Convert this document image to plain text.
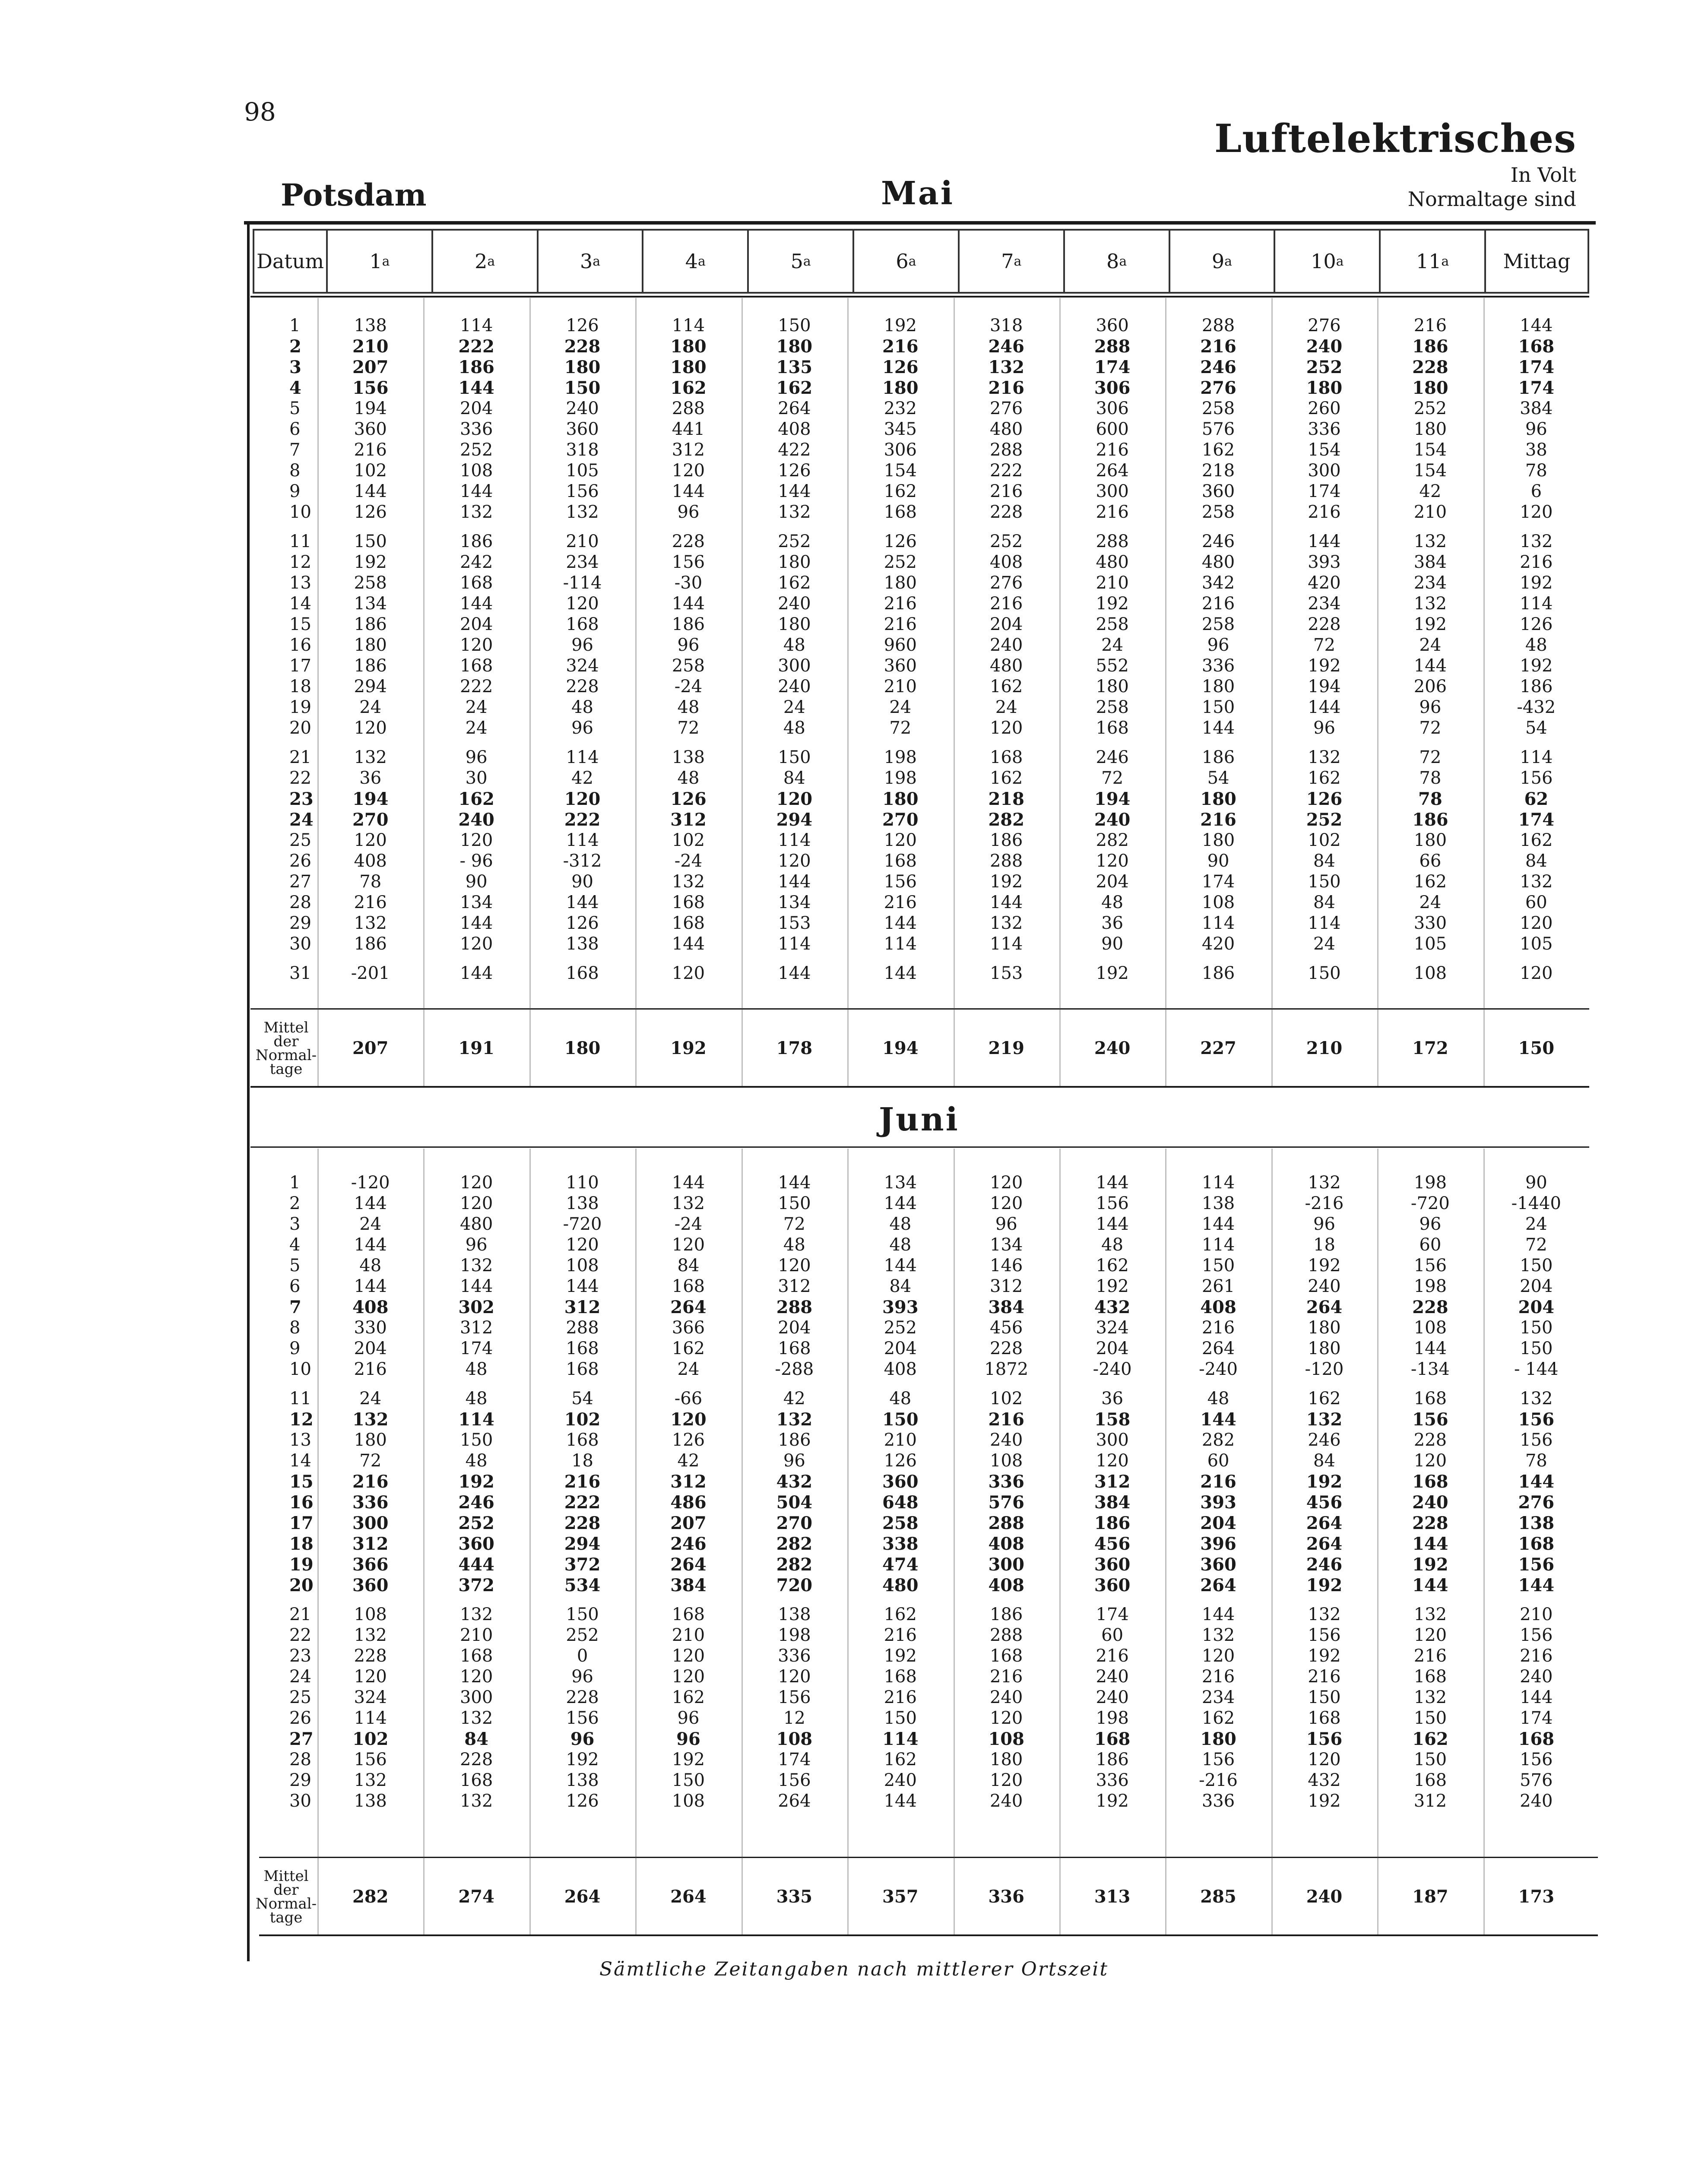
98
Luftelektrisches
In Volt
Normaltage sind
Potsdam	Mai
Datum 1 a	2 a	3 a	4 a	5 a	6 a	7 a	8 a	9 a	10 a	11 a	Mittag
1	138	114	126	114	150	192	318	360	288	276	216	144
2	210	222	228	180	180	216	246	288	216	240	186	168
3	207	186	180	180	135	126	132	174	246	252	228	174
4	156	144	150	162	162	180	216	306	276	180	180	174
5	194	204	240	288	264	232	276	306	258	260	252	384
6	360	336	360	441	408	345	480	600	576	336	180	96
7	216	252	318	312	422	306	288	216	162	154	154	38
8	102	108	105	120	126	154	222	264	218	300	154	78
9	144	144	156	144	144	162	216	300	360	174	42	6
10	126	132	132	96	132	168	228	216	258	216	210	120
11	150	186	210	228	252	126	252	288	246	144	132	132
12	192	242	234	156	180	252	408	480	480	393	384	216
13	258	168	-114	-30	162	180	276	210	342	420	234	192
14	134	144	120	144	240	216	216	192	216	234	132	114
15	186	204	168	186	180	216	204	258	258	228	192	126
16	180	120	96	96	48	960	240	24	96	72	24	48
17	186	168	324	258	300	360	480	552	336	192	144	192
18	294	222	228	-24	240	210	162	180	180	194	206	186
19	24	24	48	48	24	24	24	258	150	144	96	-432
20	120	24	96	72	48	72	120	168	144	96	72	54
21	132	96	114	138	150	198	168	246	186	132	72	114
22	36	30	42	48	84	198	162	72	54	162	78	156
23	194	162	120	126	120	180	218	194	180	126	78	62
24	270	240	222	312	294	270	282	240	216	252	186	174
25	120	120	114	102	114	120	186	282	180	102	180	162
26	408	- 96	-312	-24	120	168	288	120	90	84	66	84
27	78	90	90	132	144	156	192	204	174	150	162	132
28	216	134	144	168	134	216	144	48	108	84	24	60
29	132	144	126	168	153	144	132	36	114	114	330	120
30	186	120	138	144	114	114	114	90	420	24	105	105
31	-201	144	168	120	144	144	153	192	186	150	108	120
Mittel
der
Normal-
tage
207	191	180	192	178	194	219	240	227	210	172	150
Juni
1	-120	120	110	144	144	134	120	144	114	132	198	90
2	144	120	138	132	150	144	120	156	138	-216	-720	-1440
3	24	480	-720	-24	72	48	96	144	144	96	96	24
4	144	96	120	120	48	48	134	48	114	18	60	72
5	48	132	108	84	120	144	146	162	150	192	156	150
6	144	144	144	168	312	84	312	192	261	240	198	204
7	408	302	312	264	288	393	384	432	408	264	228	204
8	330	312	288	366	204	252	456	324	216	180	108	150
9	204	174	168	162	168	204	228	204	264	180	144	150
10	216	48	168	24	-288	408	1872	-240	-240	-120	-134	- 144
11	24	48	54	-66	42	48	102	36	48	162	168	132
12	132	114	102	120	132	150	216	158	144	132	156	156
13	180	150	168	126	186	210	240	300	282	246	228	156
14	72	48	18	42	96	126	108	120	60	84	120	78
15	216	192	216	312	432	360	336	312	216	192	168	144
16	336	246	222	486	504	648	576	384	393	456	240	276
17	300	252	228	207	270	258	288	186	204	264	228	138
18	312	360	294	246	282	338	408	456	396	264	144	168
19	366	444	372	264	282	474	300	360	360	246	192	156
20	360	372	534	384	720	480	408	360	264	192	144	144
21	108	132	150	168	138	162	186	174	144	132	132	210
22	132	210	252	210	198	216	288	60	132	156	120	156
23	228	168	0	120	336	192	168	216	120	192	216	216
24	120	120	96	120	120	168	216	240	216	216	168	240
25	324	300	228	162	156	216	240	240	234	150	132	144
26	114	132	156	96	12	150	120	198	162	168	150	174
27	102	84	96	96	108	114	108	168	180	156	162	168
28	156	228	192	192	174	162	180	186	156	120	150	156
29	132	168	138	150	156	240	120	336	-216	432	168	576
30	138	132	126	108	264	144	240	192	336	192	312	240
Mittel
der
Normal-
tage
282	274	264	264	335	357	336	313	285	240	187	173
Sämtliche Zeitangaben nach mittlerer Ortszeit
